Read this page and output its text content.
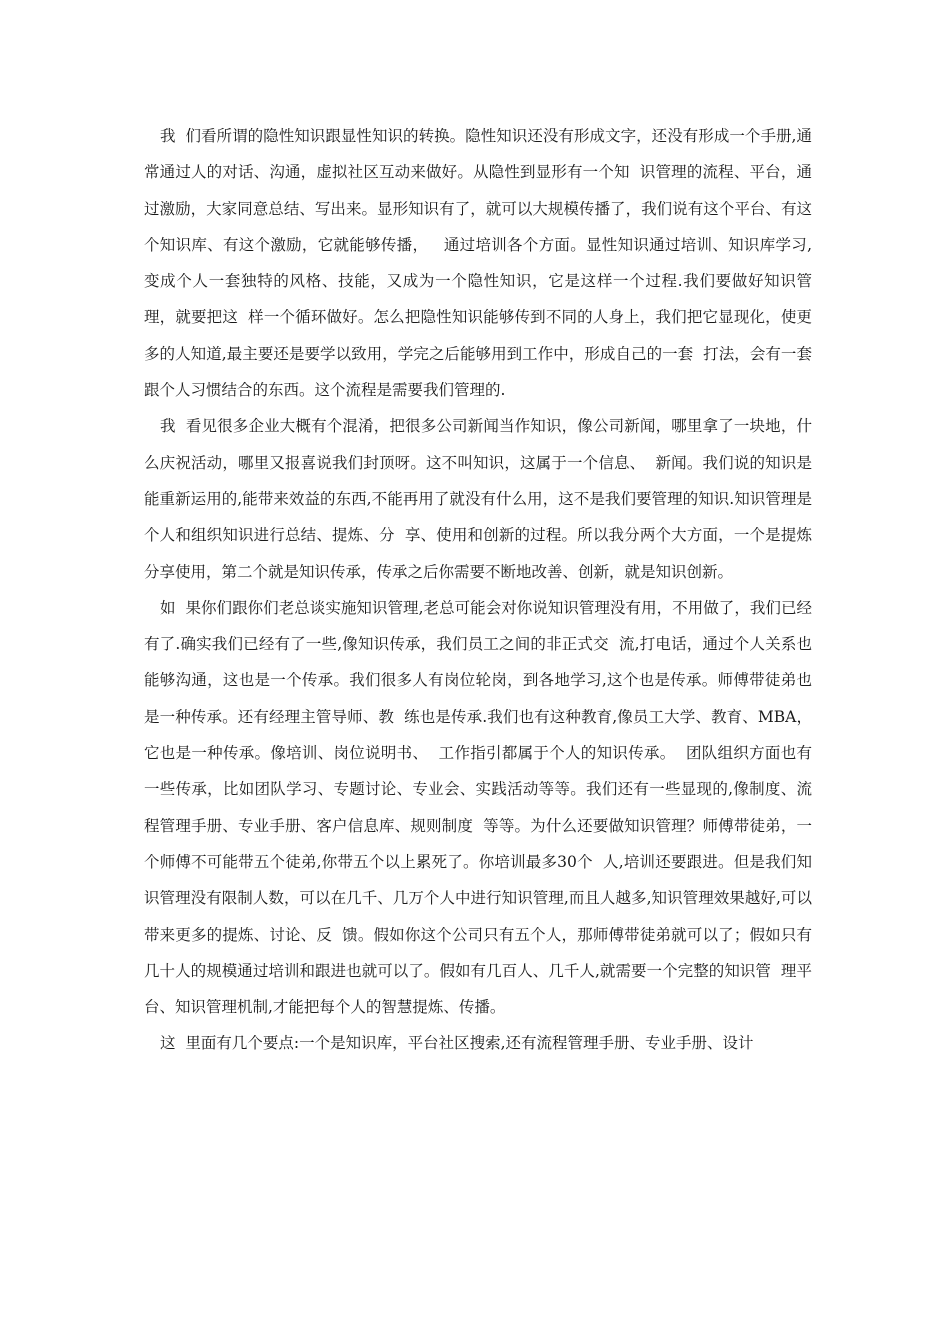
我  们看所谓的隐性知识跟显性知识的转换。隐性知识还没有形成文字，还没有形成一个手册,通常通过人的对话、沟通，虚拟社区互动来做好。从隐性到显形有一个知  识管理的流程、平台，通过激励，大家同意总结、写出来。显形知识有了，就可以大规模传播了，我们说有这个平台、有这个知识库、有这个激励，它就能够传播，   通过培训各个方面。显性知识通过培训、知识库学习,变成个人一套独特的风格、技能，又成为一个隐性知识，它是这样一个过程.我们要做好知识管理，就要把这  样一个循环做好。怎么把隐性知识能够传到不同的人身上，我们把它显现化，使更多的人知道,最主要还是要学以致用，学完之后能够用到工作中，形成自己的一套  打法，会有一套跟个人习惯结合的东西。这个流程是需要我们管理的.

我  看见很多企业大概有个混淆，把很多公司新闻当作知识，像公司新闻，哪里拿了一块地，什么庆祝活动，哪里又报喜说我们封顶呀。这不叫知识，这属于一个信息、  新闻。我们说的知识是能重新运用的,能带来效益的东西,不能再用了就没有什么用，这不是我们要管理的知识.知识管理是个人和组织知识进行总结、提炼、分  享、使用和创新的过程。所以我分两个大方面，一个是提炼分享使用，第二个就是知识传承，传承之后你需要不断地改善、创新，就是知识创新。

如  果你们跟你们老总谈实施知识管理,老总可能会对你说知识管理没有用，不用做了，我们已经有了.确实我们已经有了一些,像知识传承，我们员工之间的非正式交  流,打电话，通过个人关系也能够沟通，这也是一个传承。我们很多人有岗位轮岗，到各地学习,这个也是传承。师傅带徒弟也是一种传承。还有经理主管导师、教  练也是传承.我们也有这种教育,像员工大学、教育、MBA，它也是一种传承。像培训、岗位说明书、  工作指引都属于个人的知识传承。  团队组织方面也有一些传承，比如团队学习、专题讨论、专业会、实践活动等等。我们还有一些显现的,像制度、流程管理手册、专业手册、客户信息库、规则制度  等等。为什么还要做知识管理？师傅带徒弟，一个师傅不可能带五个徒弟,你带五个以上累死了。你培训最多30个  人,培训还要跟进。但是我们知识管理没有限制人数，可以在几千、几万个人中进行知识管理,而且人越多,知识管理效果越好,可以带来更多的提炼、讨论、反  馈。假如你这个公司只有五个人，那师傅带徒弟就可以了；假如只有几十人的规模通过培训和跟进也就可以了。假如有几百人、几千人,就需要一个完整的知识管  理平台、知识管理机制,才能把每个人的智慧提炼、传播。

这  里面有几个要点:一个是知识库，平台社区搜索,还有流程管理手册、专业手册、设计
